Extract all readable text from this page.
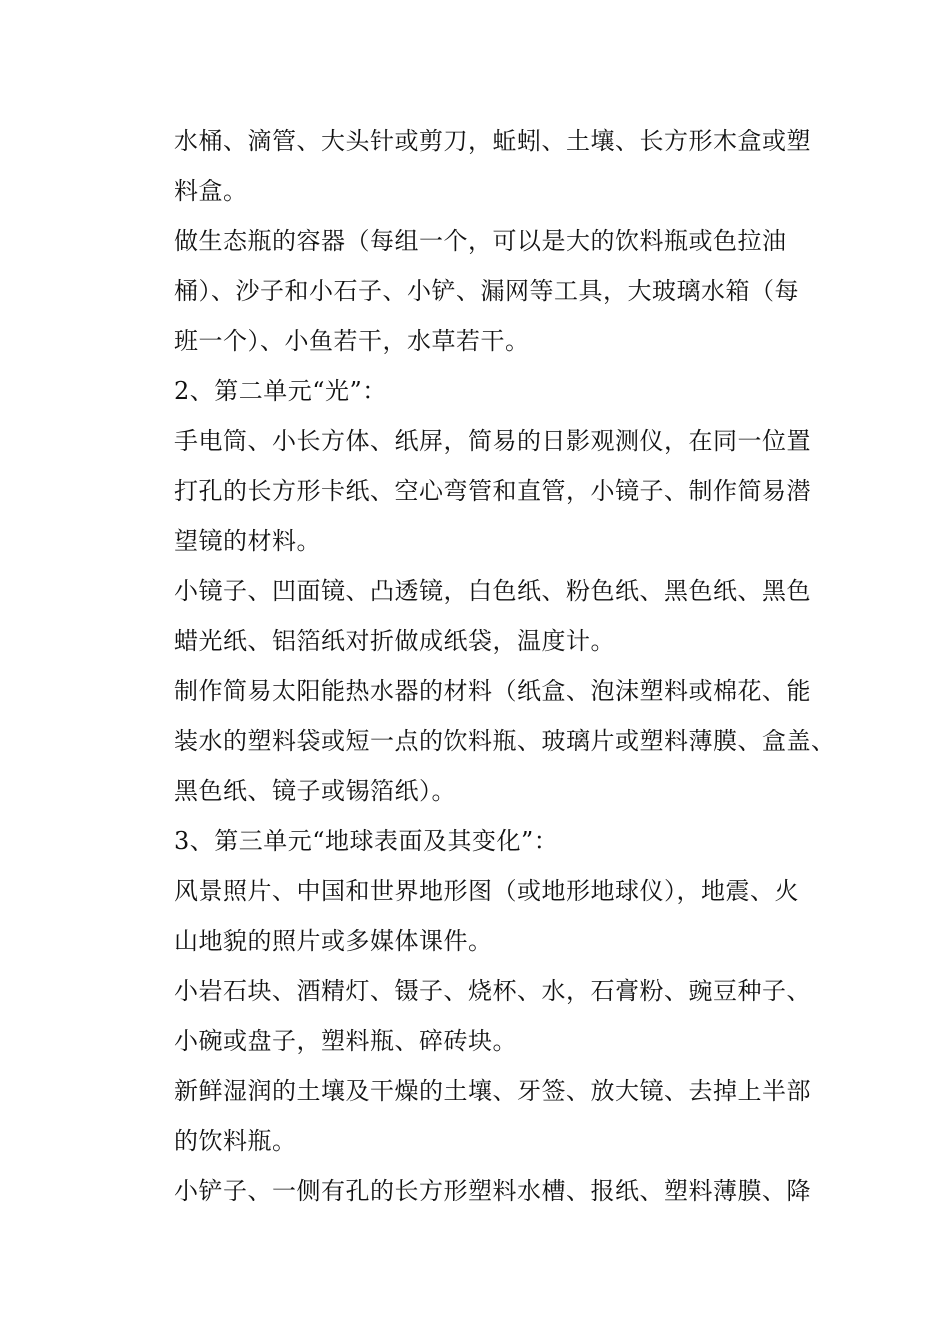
水桶、滴管、大头针或剪刀，蚯蚓、土壤、长方形木盒或塑
料盒。
做生态瓶的容器（每组一个，可以是大的饮料瓶或色拉油
桶）、沙子和小石子、小铲、漏网等工具，大玻璃水箱（每
班一个）、小鱼若干，水草若干。
2、第二单元“光”：
手电筒、小长方体、纸屏，简易的日影观测仪，在同一位置
打孔的长方形卡纸、空心弯管和直管，小镜子、制作简易潜
望镜的材料。
小镜子、凹面镜、凸透镜，白色纸、粉色纸、黑色纸、黑色
蜡光纸、铝箔纸对折做成纸袋，温度计。
制作简易太阳能热水器的材料（纸盒、泡沫塑料或棉花、能
装水的塑料袋或短一点的饮料瓶、玻璃片或塑料薄膜、盒盖、
黑色纸、镜子或锡箔纸）。
3、第三单元“地球表面及其变化”：
风景照片、中国和世界地形图（或地形地球仪），地震、火
山地貌的照片或多媒体课件。
小岩石块、酒精灯、镊子、烧杯、水，石膏粉、豌豆种子、
小碗或盘子，塑料瓶、碎砖块。
新鲜湿润的土壤及干燥的土壤、牙签、放大镜、去掉上半部
的饮料瓶。
小铲子、一侧有孔的长方形塑料水槽、报纸、塑料薄膜、降
